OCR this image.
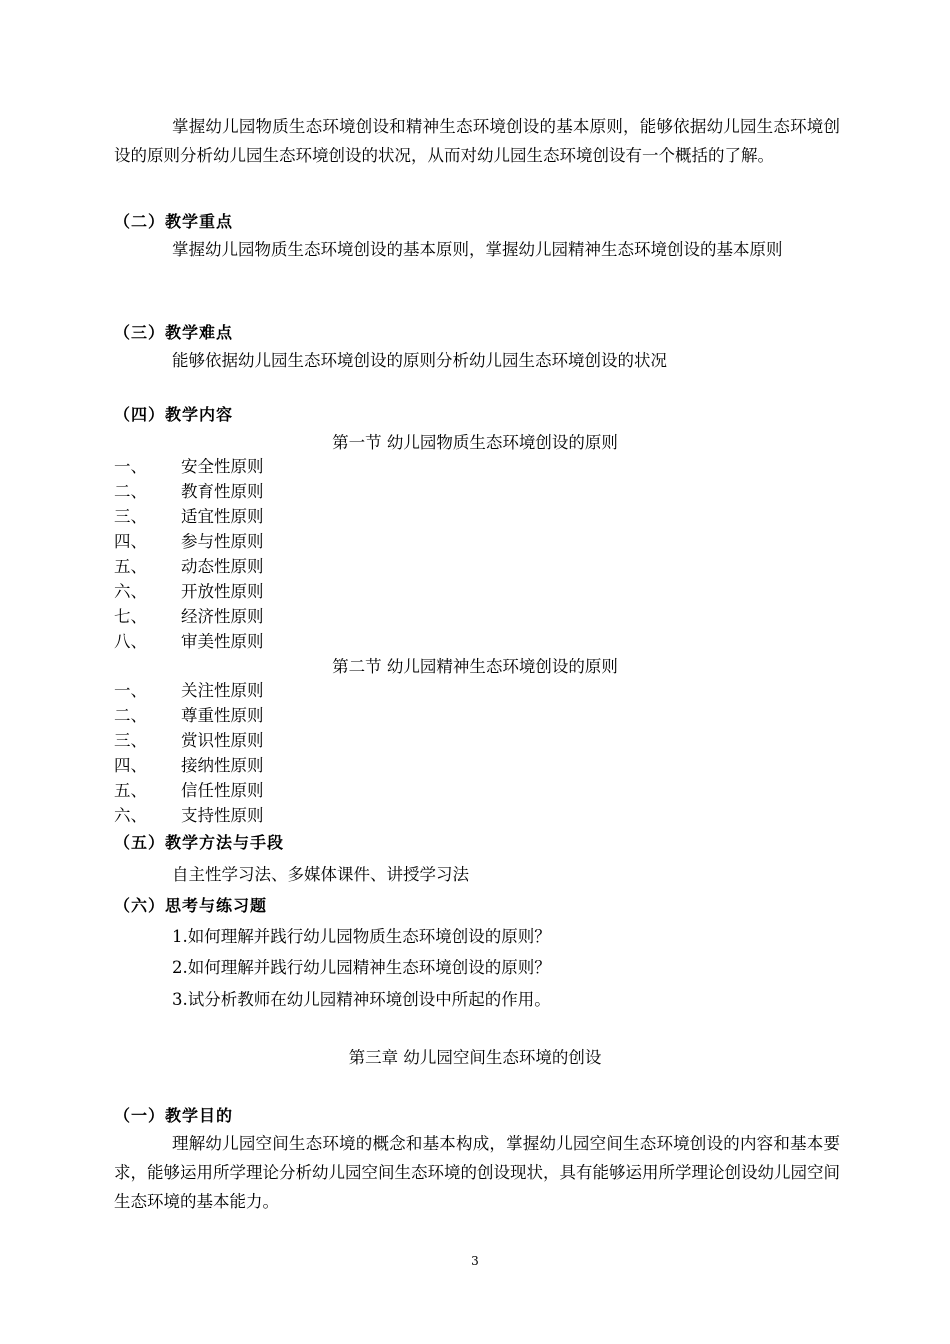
掌握幼儿园物质生态环境创设和精神生态环境创设的基本原则，能够依据幼儿园生态环境创设的原则分析幼儿园生态环境创设的状况，从而对幼儿园生态环境创设有一个概括的了解。

（二）教学重点

掌握幼儿园物质生态环境创设的基本原则，掌握幼儿园精神生态环境创设的基本原则

（三）教学难点

能够依据幼儿园生态环境创设的原则分析幼儿园生态环境创设的状况

（四）教学内容

第一节 幼儿园物质生态环境创设的原则

一、 安全性原则
二、 教育性原则
三、 适宜性原则
四、 参与性原则
五、 动态性原则
六、 开放性原则
七、 经济性原则
八、 审美性原则

第二节 幼儿园精神生态环境创设的原则

一、 关注性原则
二、 尊重性原则
三、 赏识性原则
四、 接纳性原则
五、 信任性原则
六、 支持性原则

（五）教学方法与手段

自主性学习法、多媒体课件、讲授学习法

（六）思考与练习题

1.如何理解并践行幼儿园物质生态环境创设的原则？

2.如何理解并践行幼儿园精神生态环境创设的原则？

3.试分析教师在幼儿园精神环境创设中所起的作用。

第三章 幼儿园空间生态环境的创设

（一）教学目的

理解幼儿园空间生态环境的概念和基本构成，掌握幼儿园空间生态环境创设的内容和基本要求，能够运用所学理论分析幼儿园空间生态环境的创设现状，具有能够运用所学理论创设幼儿园空间生态环境的基本能力。

3
